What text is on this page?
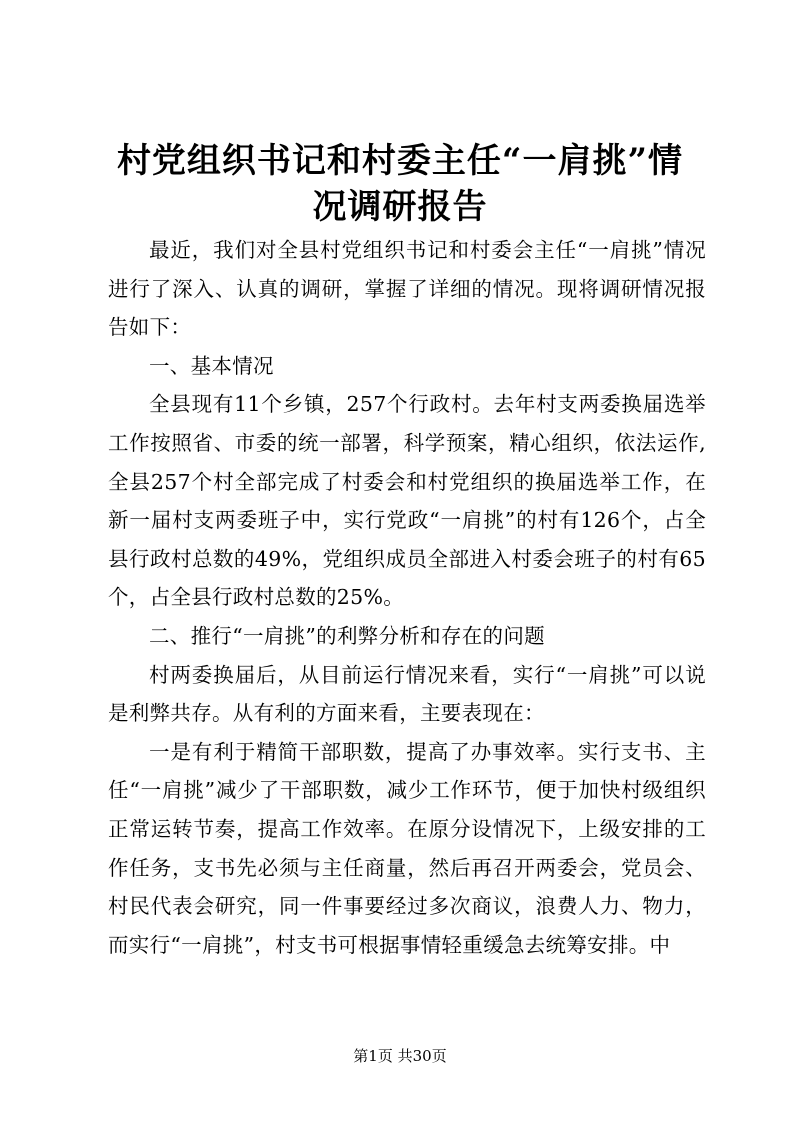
村党组织书记和村委主任“一肩挑”情况调研报告

最近，我们对全县村党组织书记和村委会主任“一肩挑”情况进行了深入、认真的调研，掌握了详细的情况。现将调研情况报告如下：

一、基本情况

全县现有11个乡镇，257个行政村。去年村支两委换届选举工作按照省、市委的统一部署，科学预案，精心组织，依法运作,全县257个村全部完成了村委会和村党组织的换届选举工作，在新一届村支两委班子中，实行党政“一肩挑”的村有126个，占全县行政村总数的49%，党组织成员全部进入村委会班子的村有65个，占全县行政村总数的25%。

二、推行“一肩挑”的利弊分析和存在的问题

村两委换届后，从目前运行情况来看，实行“一肩挑”可以说是利弊共存。从有利的方面来看，主要表现在：

一是有利于精简干部职数，提高了办事效率。实行支书、主任“一肩挑”减少了干部职数，减少工作环节，便于加快村级组织正常运转节奏，提高工作效率。在原分设情况下，上级安排的工作任务，支书先必须与主任商量，然后再召开两委会，党员会、村民代表会研究，同一件事要经过多次商议，浪费人力、物力，而实行“一肩挑”，村支书可根据事情轻重缓急去统筹安排。中

第1页 共30页
